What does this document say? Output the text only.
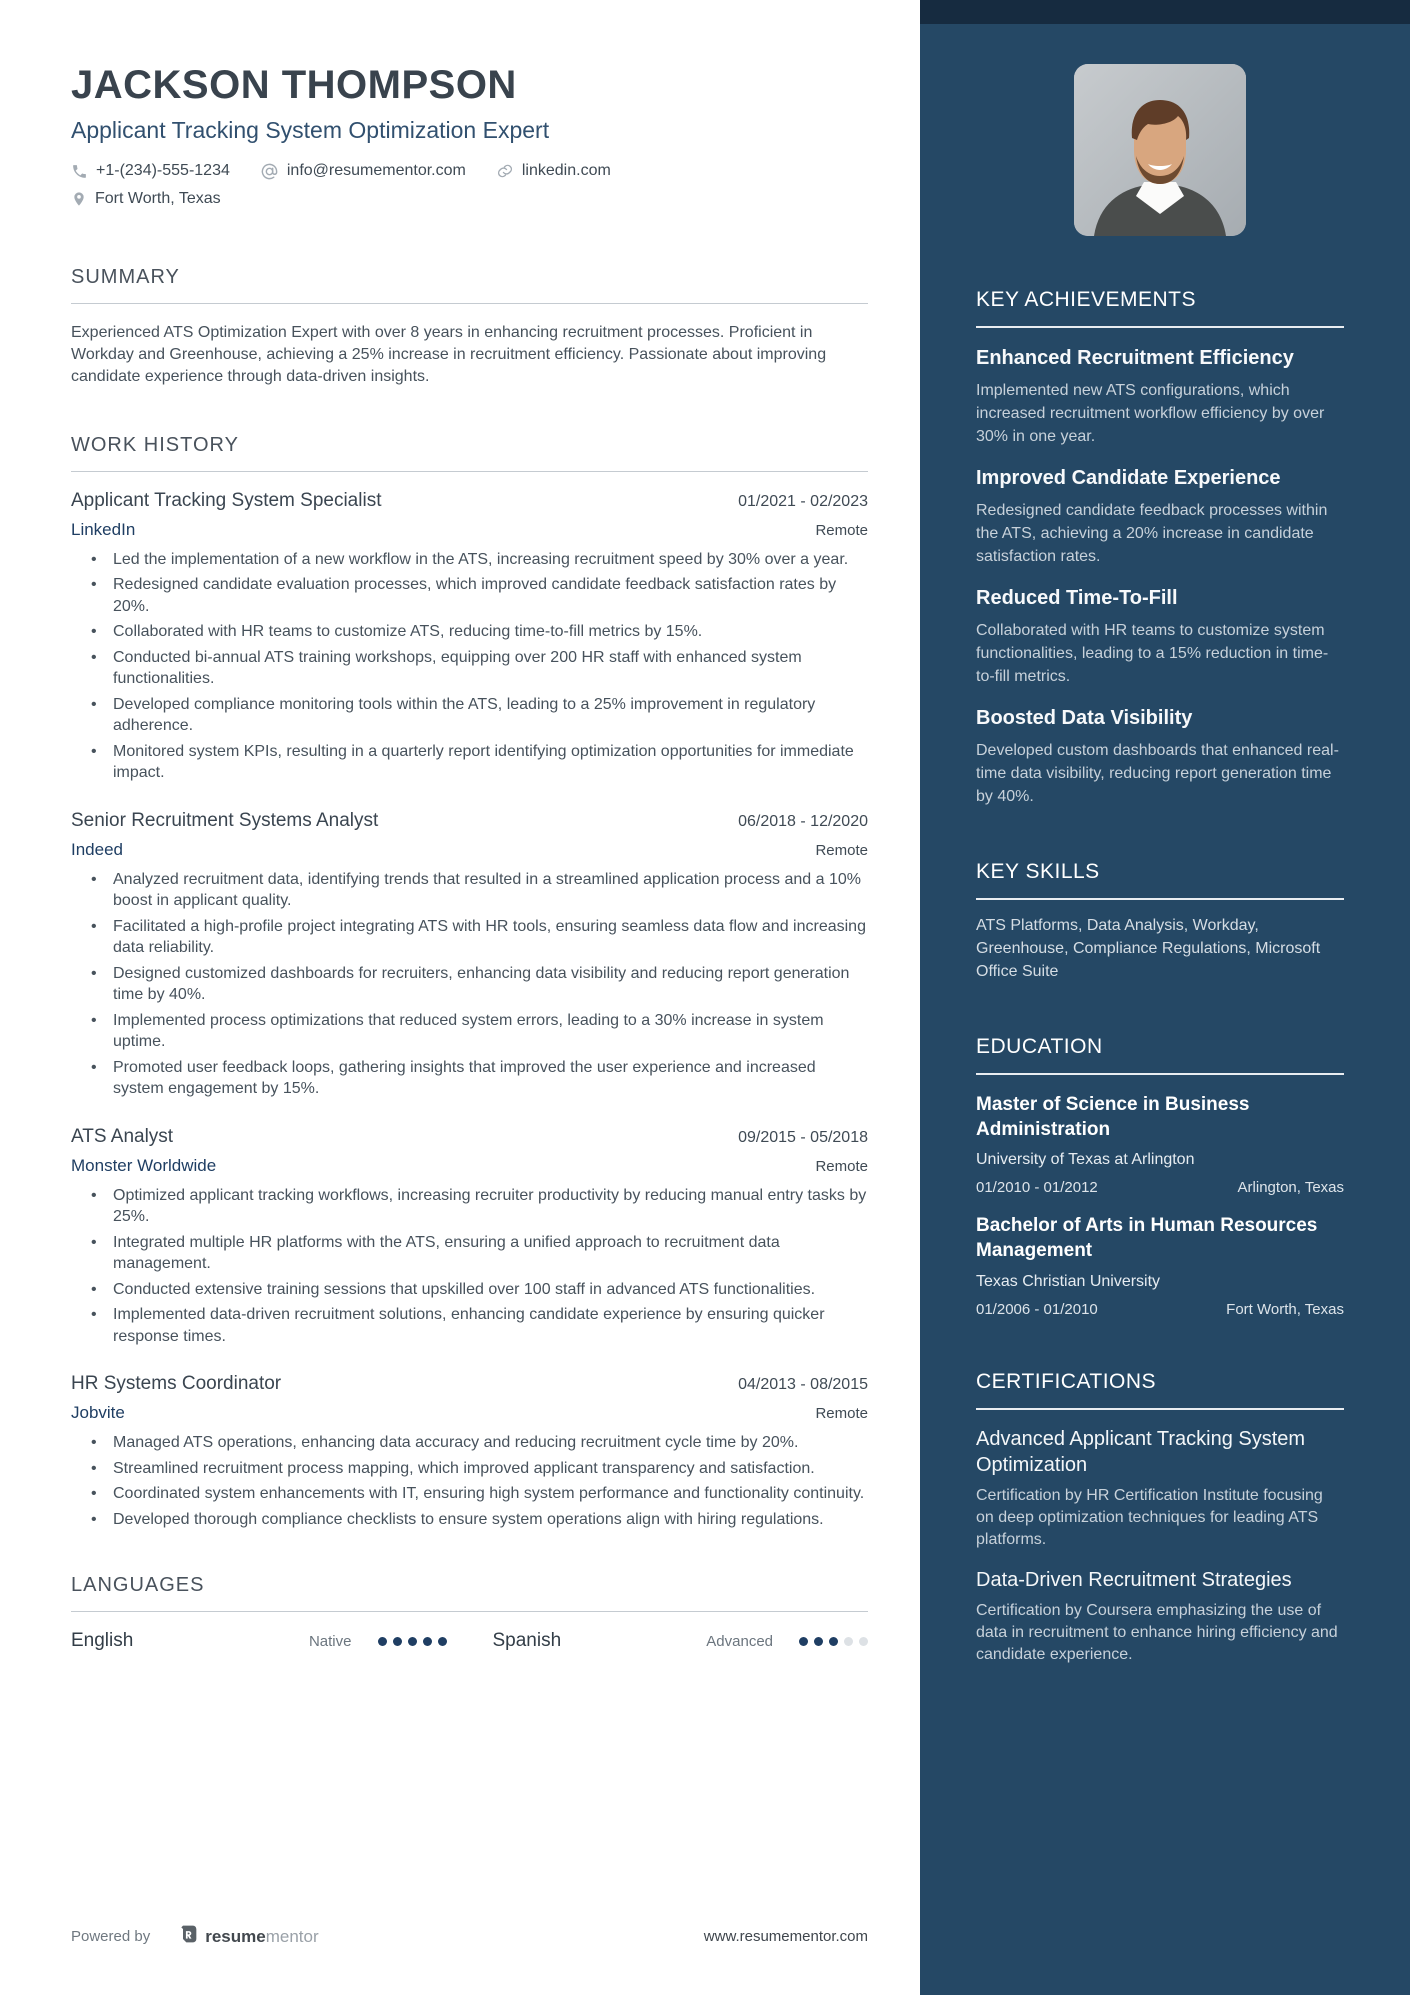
JACKSON THOMPSON
Applicant Tracking System Optimization Expert
+1-(234)-555-1234	info@resumementor.com	linkedin.com
Fort Worth, Texas
SUMMARY

Experienced ATS Optimization Expert with over 8 years in enhancing recruitment processes. Proficient in Workday and Greenhouse, achieving a 25% increase in recruitment efficiency. Passionate about improving candidate experience through data-driven insights.

WORK HISTORY
Applicant Tracking System Specialist	01/2021 - 02/2023
LinkedIn	Remote
• Led the implementation of a new workflow in the ATS, increasing recruitment speed by 30% over a year.
• Redesigned candidate evaluation processes, which improved candidate feedback satisfaction rates by 20%.
• Collaborated with HR teams to customize ATS, reducing time-to-fill metrics by 15%.
• Conducted bi-annual ATS training workshops, equipping over 200 HR staff with enhanced system functionalities.
• Developed compliance monitoring tools within the ATS, leading to a 25% improvement in regulatory adherence.
• Monitored system KPIs, resulting in a quarterly report identifying optimization opportunities for immediate impact.
Senior Recruitment Systems Analyst	06/2018 - 12/2020
Indeed	Remote
• Analyzed recruitment data, identifying trends that resulted in a streamlined application process and a 10% boost in applicant quality.
• Facilitated a high-profile project integrating ATS with HR tools, ensuring seamless data flow and increasing data reliability.
• Designed customized dashboards for recruiters, enhancing data visibility and reducing report generation time by 40%.
• Implemented process optimizations that reduced system errors, leading to a 30% increase in system uptime.
• Promoted user feedback loops, gathering insights that improved the user experience and increased system engagement by 15%.
ATS Analyst	09/2015 - 05/2018
Monster Worldwide	Remote
• Optimized applicant tracking workflows, increasing recruiter productivity by reducing manual entry tasks by 25%.
• Integrated multiple HR platforms with the ATS, ensuring a unified approach to recruitment data management.
• Conducted extensive training sessions that upskilled over 100 staff in advanced ATS functionalities.
• Implemented data-driven recruitment solutions, enhancing candidate experience by ensuring quicker response times.
HR Systems Coordinator	04/2013 - 08/2015
Jobvite	Remote
• Managed ATS operations, enhancing data accuracy and reducing recruitment cycle time by 20%.
• Streamlined recruitment process mapping, which improved applicant transparency and satisfaction.
• Coordinated system enhancements with IT, ensuring high system performance and functionality continuity.
• Developed thorough compliance checklists to ensure system operations align with hiring regulations.
LANGUAGES
English	Native	Spanish	Advanced
Powered by	resumementor	www.resumementor.com
KEY ACHIEVEMENTS
Enhanced Recruitment Efficiency

Implemented new ATS configurations, which increased recruitment workflow efficiency by over 30% in one year.

Improved Candidate Experience

Redesigned candidate feedback processes within the ATS, achieving a 20% increase in candidate satisfaction rates.

Reduced Time-To-Fill

Collaborated with HR teams to customize system functionalities, leading to a 15% reduction in time-to-fill metrics.

Boosted Data Visibility

Developed custom dashboards that enhanced real-time data visibility, reducing report generation time by 40%.

KEY SKILLS

ATS Platforms, Data Analysis, Workday, Greenhouse, Compliance Regulations, Microsoft Office Suite

EDUCATION
Master of Science in Business Administration
University of Texas at Arlington
01/2010 - 01/2012	Arlington, Texas
Bachelor of Arts in Human Resources Management
Texas Christian University
01/2006 - 01/2010	Fort Worth, Texas
CERTIFICATIONS
Advanced Applicant Tracking System Optimization

Certification by HR Certification Institute focusing on deep optimization techniques for leading ATS platforms.

Data-Driven Recruitment Strategies

Certification by Coursera emphasizing the use of data in recruitment to enhance hiring efficiency and candidate experience.
